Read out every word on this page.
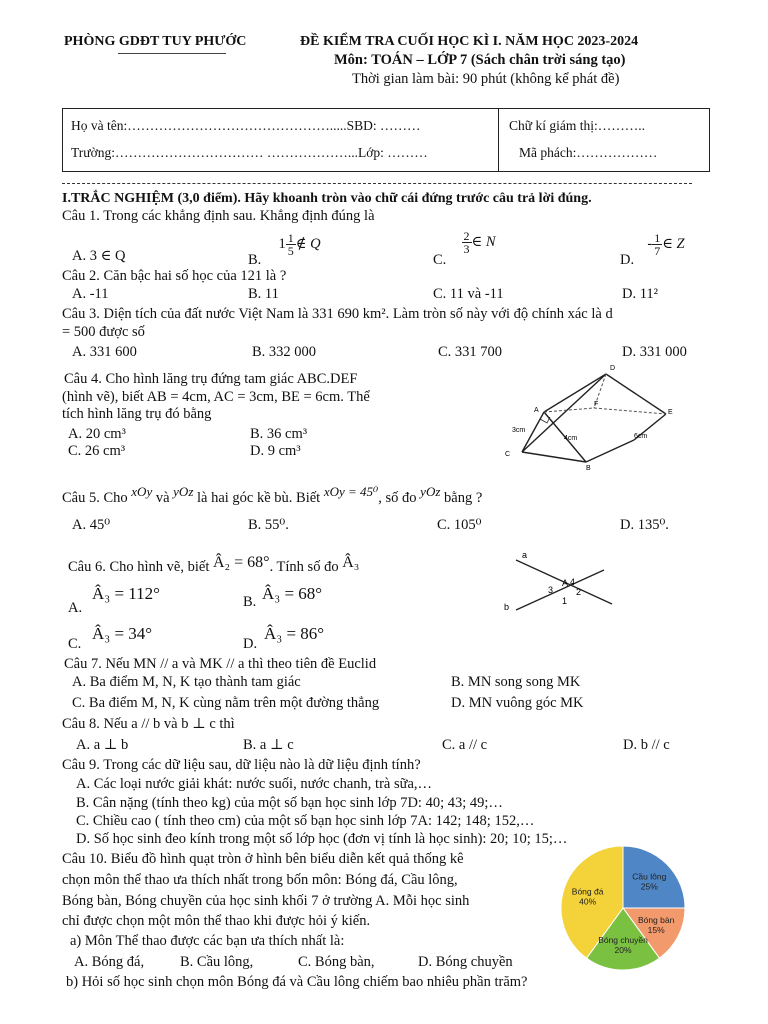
PHÒNG GDĐT TUY PHƯỚC	ĐỀ KIỂM TRA CUỐI HỌC KÌ I. NĂM HỌC 2023-2024
Môn: TOÁN – LỚP 7 (Sách chân trời sáng tạo)
Thời gian làm bài: 90 phút (không kể phát đề)
Họ và tên:……………………………………….....SBD: ………
Trường:…………………………… ………………...Lớp: ………
Chữ kí giám thị:………..
Mã phách:………………
I.TRẮC NGHIỆM (3,0 điểm). Hãy khoanh tròn vào chữ cái đứng trước câu trả lời đúng.
Câu 1. Trong các khẳng định sau. Khẳng định đúng là
A. 3 ∈ Q	B.  $1 \frac{1}{5}$ ∉ Q
C.
$\frac{2}{3}$ ∈ N
D.  - $\frac{1}{7}$ ∈ Z
Câu 2. Căn bậc hai số học của 121 là ?
A. -11	B. 11	C. 11 và -11	D. 11²
Câu 3. Diện tích của đất nước Việt Nam là 331 690 km². Làm tròn số này với độ chính xác là d
= 500 được số
A. 331 600	B. 332 000	C. 331 700	D. 331 000
Câu 4. Cho hình lăng trụ đứng tam giác ABC.DEF
(hình vẽ), biết AB = 4cm, AC = 3cm, BE = 6cm. Thể
tích hình lăng trụ đó bằng
A. 20 cm³	B. 36 cm³
C. 26 cm³	D. 9 cm³
D
A
F
E
C
B
3cm
4cm	6cm
Câu 5. Cho xOy và yOz là hai góc kề bù. Biết xOy = 45⁰, số đo yOz bằng ?
A. 45⁰	B. 55⁰.	C. 105⁰	D. 135⁰.
Câu 6. Cho hình vẽ, biết Â₂ = 68°. Tính số đo Â₃
A.
Â₃ = 112°	B. Â₃ = 68°
C.
Â₃ = 34°
D.
Â₃ = 86°
a
b
A
1
2
3
4
Câu 7. Nếu MN // a và MK // a thì theo tiên đề Euclid
A. Ba điểm M, N, K tạo thành tam giác	B. MN song song MK
C. Ba điểm M, N, K cùng nằm trên một đường thẳng	D. MN vuông góc MK
Câu 8. Nếu a // b và b ⊥ c thì
A. a ⊥ b	B. a ⊥ c	C. a // c	D. b // c
Câu 9. Trong các dữ liệu sau, dữ liệu nào là dữ liệu định tính?
A. Các loại nước giải khát: nước suối, nước chanh, trà sữa,…
B. Cân nặng (tính theo kg) của một số bạn học sinh lớp 7D: 40; 43; 49;…
C. Chiều cao ( tính theo cm) của một số bạn học sinh lớp 7A: 142; 148; 152,…
D. Số học sinh đeo kính trong một số lớp học (đơn vị tính là học sinh): 20; 10; 15;…
Câu 10. Biểu đồ hình quạt tròn ở hình bên biểu diễn kết quả thống kê
chọn môn thể thao ưa thích nhất trong bốn môn: Bóng đá, Cầu lông,
Bóng bàn, Bóng chuyền của học sinh khối 7 ở trường A. Mỗi học sinh
chỉ được chọn một môn thể thao khi được hỏi ý kiến.
a) Môn Thể thao được các bạn ưa thích nhất là:
A. Bóng đá, B. Cầu lông,	C. Bóng bàn,	D. Bóng chuyền
b) Hỏi số học sinh chọn môn Bóng đá và Cầu lông chiếm bao nhiêu phần trăm?
Cầu lông
25%
Bóng bàn
15%
Bóng chuyền
20%
Bóng đá
40%
